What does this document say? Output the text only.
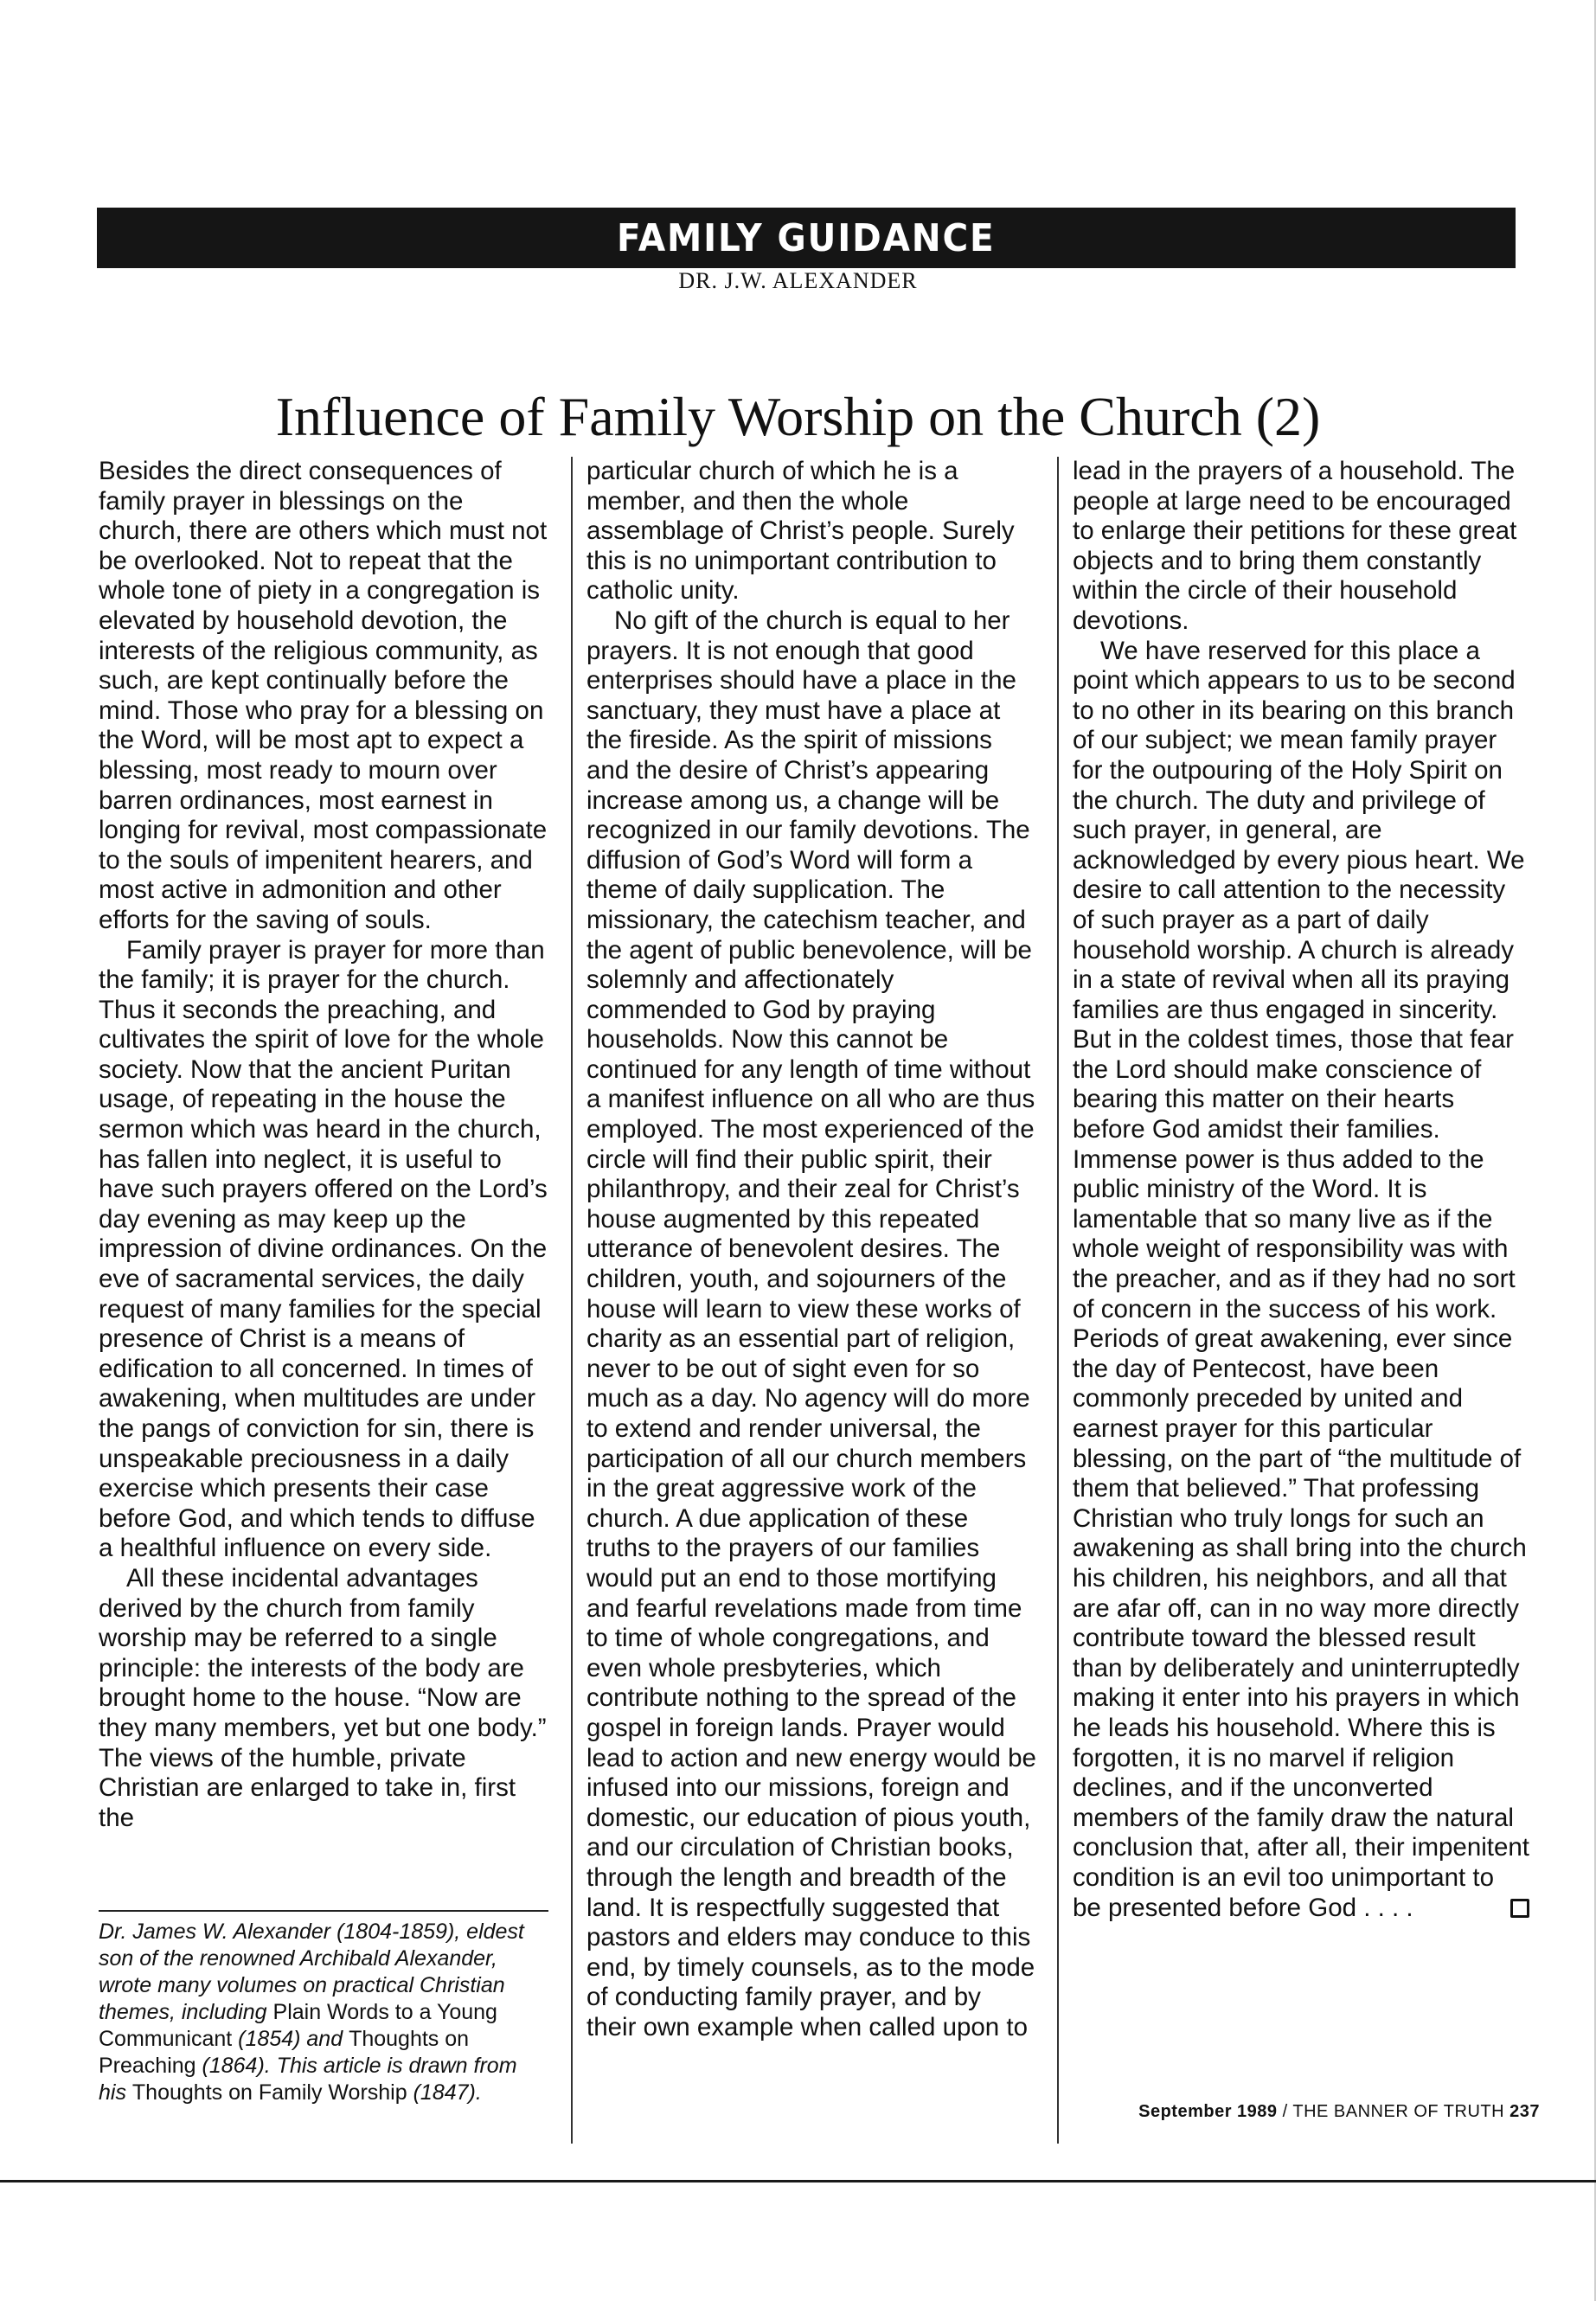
FAMILY GUIDANCE
DR. J.W. ALEXANDER
Influence of Family Worship on the Church (2)

Besides the direct consequences of family prayer in blessings on the church, there are others which must not be overlooked. Not to repeat that the whole tone of piety in a congregation is elevated by household devotion, the interests of the religious community, as such, are kept continually before the mind. Those who pray for a blessing on the Word, will be most apt to expect a blessing, most ready to mourn over barren ordinances, most earnest in longing for revival, most compassionate to the souls of impenitent hearers, and most active in admonition and other efforts for the saving of souls.

Family prayer is prayer for more than the family; it is prayer for the church. Thus it seconds the preaching, and cultivates the spirit of love for the whole society. Now that the ancient Puritan usage, of repeating in the house the sermon which was heard in the church, has fallen into neglect, it is useful to have such prayers offered on the Lord’s day evening as may keep up the impression of divine ordinances. On the eve of sacramental services, the daily request of many families for the special presence of Christ is a means of edification to all concerned. In times of awakening, when multitudes are under the pangs of conviction for sin, there is unspeakable preciousness in a daily exercise which presents their case before God, and which tends to diffuse a healthful influence on every side.

All these incidental advantages derived by the church from family worship may be referred to a single principle: the interests of the body are brought home to the house. “Now are they many members, yet but one body.” The views of the humble, private Christian are enlarged to take in, first the

particular church of which he is a member, and then the whole assemblage of Christ’s people. Surely this is no unimportant contribution to catholic unity.

No gift of the church is equal to her prayers. It is not enough that good enterprises should have a place in the sanctuary, they must have a place at the fireside. As the spirit of missions and the desire of Christ’s appearing increase among us, a change will be recognized in our family devotions. The diffusion of God’s Word will form a theme of daily supplication. The missionary, the catechism teacher, and the agent of public benevolence, will be solemnly and affectionately commended to God by praying households. Now this cannot be continued for any length of time without a manifest influence on all who are thus employed. The most experienced of the circle will find their public spirit, their philanthropy, and their zeal for Christ’s house augmented by this repeated utterance of benevolent desires. The children, youth, and sojourners of the house will learn to view these works of charity as an essential part of religion, never to be out of sight even for so much as a day. No agency will do more to extend and render universal, the participation of all our church members in the great aggressive work of the church. A due application of these truths to the prayers of our families would put an end to those mortifying and fearful revelations made from time to time of whole congregations, and even whole presbyteries, which contribute nothing to the spread of the gospel in foreign lands. Prayer would lead to action and new energy would be infused into our missions, foreign and domestic, our education of pious youth, and our circulation of Christian books, through the length and breadth of the land. It is respectfully suggested that pastors and elders may conduce to this end, by timely counsels, as to the mode of conducting family prayer, and by their own example when called upon to

lead in the prayers of a household. The people at large need to be encouraged to enlarge their petitions for these great objects and to bring them constantly within the circle of their household devotions.

We have reserved for this place a point which appears to us to be second to no other in its bearing on this branch of our subject; we mean family prayer for the outpouring of the Holy Spirit on the church. The duty and privilege of such prayer, in general, are acknowledged by every pious heart. We desire to call attention to the necessity of such prayer as a part of daily household worship. A church is already in a state of revival when all its praying families are thus engaged in sincerity. But in the coldest times, those that fear the Lord should make conscience of bearing this matter on their hearts before God amidst their families. Immense power is thus added to the public ministry of the Word. It is lamentable that so many live as if the whole weight of responsibility was with the preacher, and as if they had no sort of concern in the success of his work. Periods of great awakening, ever since the day of Pentecost, have been commonly preceded by united and earnest prayer for this particular blessing, on the part of “the multitude of them that believed.” That professing Christian who truly longs for such an awakening as shall bring into the church his children, his neighbors, and all that are afar off, can in no way more directly contribute toward the blessed result than by deliberately and uninterruptedly making it enter into his prayers in which he leads his household. Where this is forgotten, it is no marvel if religion declines, and if the unconverted members of the family draw the natural conclusion that, after all, their impenitent condition is an evil too unimportant to be presented before God . . . .

Dr. James W. Alexander (1804-1859), eldest son of the renowned Archibald Alexander, wrote many volumes on practical Christian themes, including Plain Words to a Young Communicant (1854) and Thoughts on Preaching (1864). This article is drawn from his Thoughts on Family Worship (1847).
September 1989 / THE BANNER OF TRUTH 237
